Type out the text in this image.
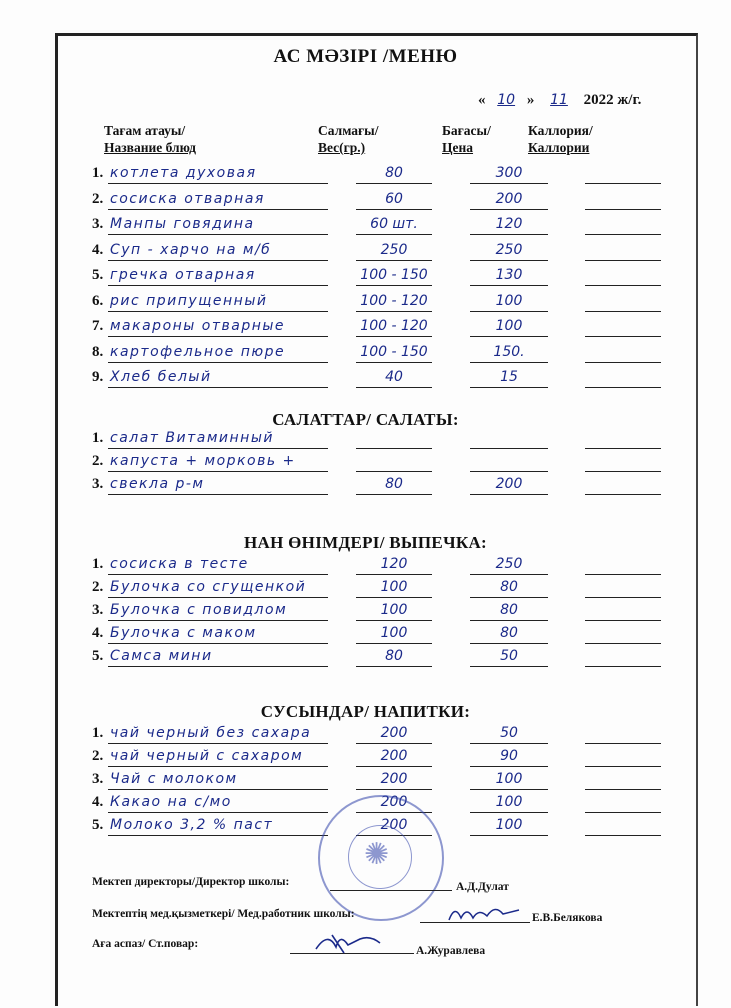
АС МӘЗІРІ /МЕНЮ
« 10 » 11 2022 ж/г.
Тағам атауы/
Название блюд
Салмағы/
Вес(гр.)
Бағасы/
Цена
Каллория/
Каллории
1. котлета духовая	80	300
2. сосиска отварная	60	200
3. Манпы говядина	60 шт.	120
4. Суп - харчо на м/б	250	250
5. гречка отварная	100 - 150	130
6. рис припущенный	100 - 120	100
7. макароны отварные	100 - 120	100
8. картофельное пюре	100 - 150	150.
9. Хлеб белый	40	15
САЛАТТАР/ САЛАТЫ:
1. салат Витаминный
2. капуста + морковь +
3. свекла р-м	80	200
НАН ӨНІМДЕРІ/ ВЫПЕЧКА:
1. сосиска в тесте	120	250
2. Булочка со сгущенкой	100	80
3. Булочка с повидлом	100	80
4. Булочка с маком	100	80
5. Самса мини	80	50
СУСЫНДАР/ НАПИТКИ:
1. чай черный без сахара	200	50
2. чай черный с сахаром	200	90
3. Чай с молоком	200	100
4. Какао на с/мо	200	100
5. Молоко 3,2 % паст	200	100
✺
Мектеп директоры/Директор школы:	А.Д.Дулат
Мектептің мед.қызметкері/ Мед.работник школы:	Е.В.Белякова
Аға аспаз/ Ст.повар:
А.Журавлева
